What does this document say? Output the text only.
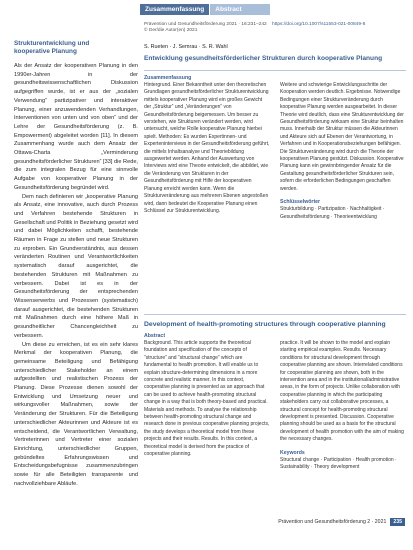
Zusammenfassung	Abstract
Strukturentwicklung und
kooperative Planung

Als der Ansatz der kooperativen Planung in den 1990er-Jahren in der gesundheitswissenschaftlichen Diskussion aufgegriffen wurde, ist er aus der „sozialen Verwendung“ partizipativer und interaktiver Planung, einer anzuwendenden Verhandlungen, Interventionen von unten und von oben“ und der Lehre der Gesundheitsförderung (z. B. Empowerment) abgeleitet worden [11]. In diesem Zusammenhang wurde auch dem Ansatz der Ottawa-Charta „Verminderung gesundheitsförderlicher Strukturen“ [33] die Rede, die zum integralen Bezug für eine sinnvolle Aufgabe von kooperativer Planung in der Gesundheitsförderung begründet wird.

Dem nach definieren wir „kooperative Planung als Ansatz, eine innovative, auch durch Prozess und Verfahren bestehende Strukturen in Gesellschaft und Politik in Beziehung gesetzt wird und dabei Möglichkeiten schafft, bestehende Räumen in Frage zu stellen und neue Strukturen zu erproben. Ein Grundverständnis, aus dessen veränderten Routinen und Verantwortlichkeiten systematisch darauf ausgerichtet, die bestehenden Strukturen mit Maßnahmen zu verbessern. Dabei ist es in der Gesundheitsförderung der entsprechenden Wissenserwerbs und Prozessen (systematisch) darauf ausgerichtet, die bestehenden Strukturen mit Maßnahmen durch eine höhere Maß in gesundheitlicher Chancengleichheit zu verbessern.

Um diese zu erreichen, ist es ein sehr klares Merkmal der kooperativen Planung, die gemeinsame Beteiligung und Befähigung unterschiedlicher Stakeholder an einem aufgestellten und realistischen Prozess der Planung. Diese Prozesse dienen sowohl der Entwicklung und Umsetzung neuer und wirkungsvoller Maßnahmen, sowie der Veränderung der Strukturen. Für die Beteiligung unterschiedlicher Akteurinnen und Akteure ist es entscheidend, die Verantwortlichen Verwaltung, Vertreterinnen und Vertreter einer sozialen Einrichtung, unterschiedlicher Gruppen, gebündeltes Erfahrungswissen und Entscheidungsbefugnisse zusammenzubringen sowie für alle Beteiligten transparente und nachvollziehbare Abläufe.

Prävention und Gesundheitsförderung 2021 · 16:231–242 https://doi.org/10.1007/s11553-021-00849-8
© Der/die Autor(en) 2021
S. Rueten · J. Semrau · S. R. Wahl
Entwicklung gesundheitsförderlicher Strukturen durch kooperative Planung
Zusammenfassung

Hintergrund. Einer Bekanntheit unter den theoretischen Grundlagen gesundheitsförderlicher Strukturentwicklung mittels kooperativer Planung wird ein großes Gewicht der „Struktur“ und „Veränderungen“ von Gesundheitsförderung beigemessen. Um besser zu verstehen, wie Strukturen verändert werden, wird untersucht, welche Rolle kooperative Planung hierbei spielt. Methoden: Es wurden Expertinnen- und Experteninterviews in der Gesundheitsförderung geführt, die mittels Inhaltsanalyse und Theoriebildung ausgewertet werden. Anhand der Auswertung von Interviews wird eine Theorie entwickelt, die abbildet, wie die Veränderung von Strukturen in der Gesundheitsförderung mit Hilfe der kooperativen Planung erreicht werden kann. Wenn die Strukturveränderung aus mehreren Ebenen angestoßen wird, dann bedeutet die Kooperative Planung einen Schlüssel zur Strukturentwicklung.

Weitere und schwierige Entwicklungsschritte der Kooperation werden deutlich. Ergebnisse. Notwendige Bedingungen einer Strukturveränderung durch kooperative Planung werden ausgearbeitet. In dieser Theorie wird deutlich, dass eine Strukturentwicklung der Gesundheitsförderung wirksam eine Struktur beinhalten muss. Innerhalb der Struktur müssen die Akteurinnen und Akteure sich auf Ebenen der Verantwortung, in Verfahren und in Kooperationsbeziehungen befähigen. Die Strukturveränderung wird durch die Theorie der kooperativen Planung gestützt. Diskussion. Kooperative Planung kann ein gewinnbringender Ansatz für die Gestaltung gesundheitsförderlicher Strukturen sein, sofern die erforderlichen Bedingungen geschaffen werden.

Schlüsselwörter

Strukturbildung · Partizipation · Nachhaltigkeit · Gesundheitsförderung · Theorieentwicklung

Development of health-promoting structures through cooperative planning
Abstract

Background. This article supports the theoretical foundation and specification of the concepts of “structure” and “structural change” which are fundamental to health promotion. It will enable us to explain structure-determining dimensions in a more concrete and realistic manner. In this context, cooperative planning is presented as an approach that can be used to achieve health-promoting structural change in a way that is both theory-based and practical. Materials and methods. To analyse the relationship between health-promoting structural change and research done in previous cooperative planning projects, the study develops a theoretical model from these projects and their results. Results. In this context, a theoretical model is derived from the practice of cooperative planning.

practice. It will be shown to the model and explain starting empirical examples. Results. Necessary conditions for structural development through cooperative planning are shown. Interrelated conditions for cooperative planning are shown, both in the intervention area and in the institutional/administrative areas, in the form of projects. Unlike collaboration with cooperative planning in which the participating stakeholders carry out collaborative processes, a structural concept for health-promoting structural development is presented. Discussion. Cooperative planning should be used as a basis for the structural development of health promotion with the aim of making the necessary changes.

Keywords

Structural change · Participation · Health promotion · Sustainability · Theory development

Prävention und Gesundheitsförderung 2 · 2021	235
